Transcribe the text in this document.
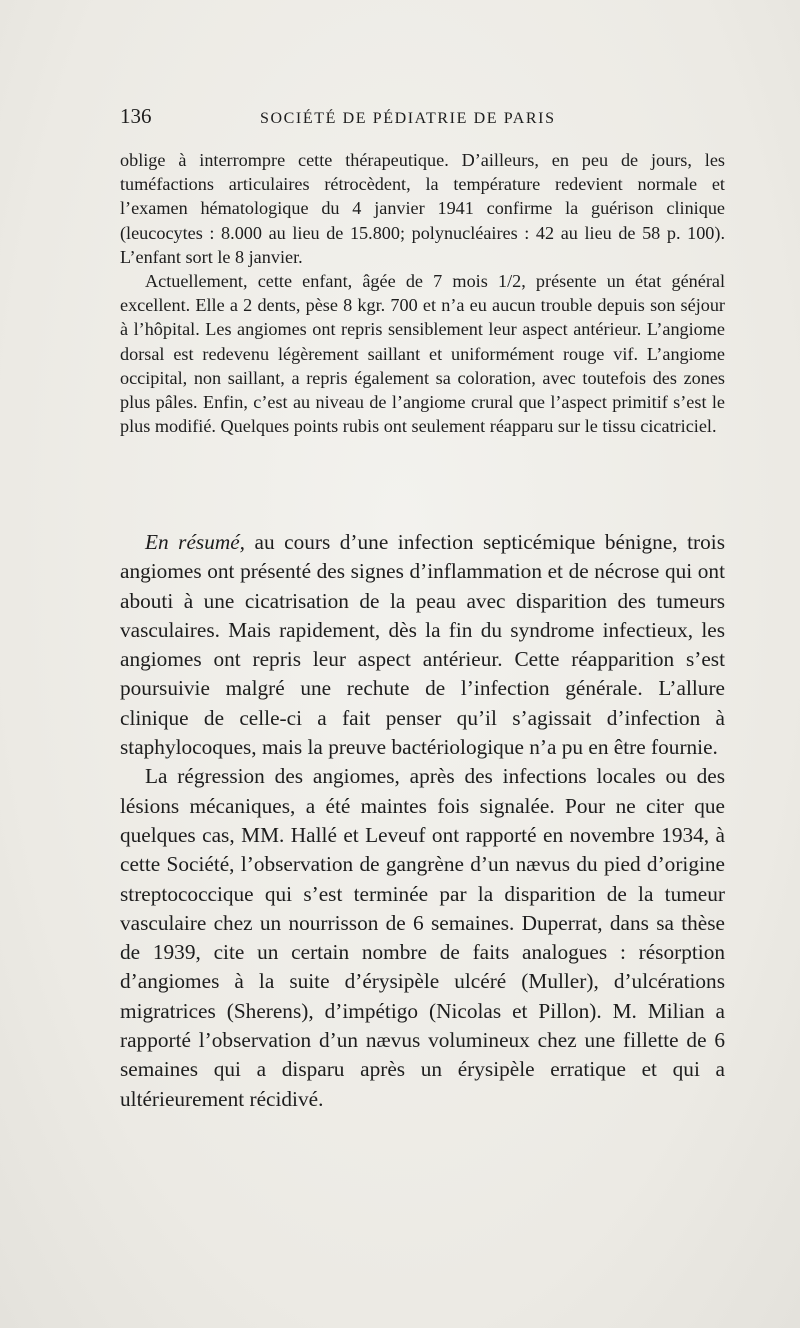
136	SOCIÉTÉ DE PÉDIATRIE DE PARIS

oblige à interrompre cette thérapeutique. D’ailleurs, en peu de jours, les tuméfactions articulaires rétrocèdent, la température redevient normale et l’examen hématologique du 4 janvier 1941 confirme la guérison clinique (leucocytes : 8.000 au lieu de 15.800; polynucléaires : 42 au lieu de 58 p. 100). L’enfant sort le 8 janvier.

Actuellement, cette enfant, âgée de 7 mois 1/2, présente un état général excellent. Elle a 2 dents, pèse 8 kgr. 700 et n’a eu aucun trouble depuis son séjour à l’hôpital. Les angiomes ont repris sensiblement leur aspect antérieur. L’angiome dorsal est redevenu légèrement saillant et uniformément rouge vif. L’angiome occipital, non saillant, a repris également sa coloration, avec toutefois des zones plus pâles. Enfin, c’est au niveau de l’angiome crural que l’aspect primitif s’est le plus modifié. Quelques points rubis ont seulement réapparu sur le tissu cicatriciel.

En résumé, au cours d’une infection septicémique bénigne, trois angiomes ont présenté des signes d’inflammation et de nécrose qui ont abouti à une cicatrisation de la peau avec disparition des tumeurs vasculaires. Mais rapidement, dès la fin du syndrome infectieux, les angiomes ont repris leur aspect antérieur. Cette réapparition s’est poursuivie malgré une rechute de l’infection générale. L’allure clinique de celle-ci a fait penser qu’il s’agissait d’infection à staphylocoques, mais la preuve bactériologique n’a pu en être fournie.

La régression des angiomes, après des infections locales ou des lésions mécaniques, a été maintes fois signalée. Pour ne citer que quelques cas, MM. Hallé et Leveuf ont rapporté en novembre 1934, à cette Société, l’observation de gangrène d’un nævus du pied d’origine streptococcique qui s’est terminée par la disparition de la tumeur vasculaire chez un nourrisson de 6 semaines. Duperrat, dans sa thèse de 1939, cite un certain nombre de faits analogues : résorption d’angiomes à la suite d’érysipèle ulcéré (Muller), d’ulcérations migratrices (Sherens), d’impétigo (Nicolas et Pillon). M. Milian a rapporté l’observation d’un nævus volumineux chez une fillette de 6 semaines qui a disparu après un érysipèle erratique et qui a ultérieurement récidivé.
